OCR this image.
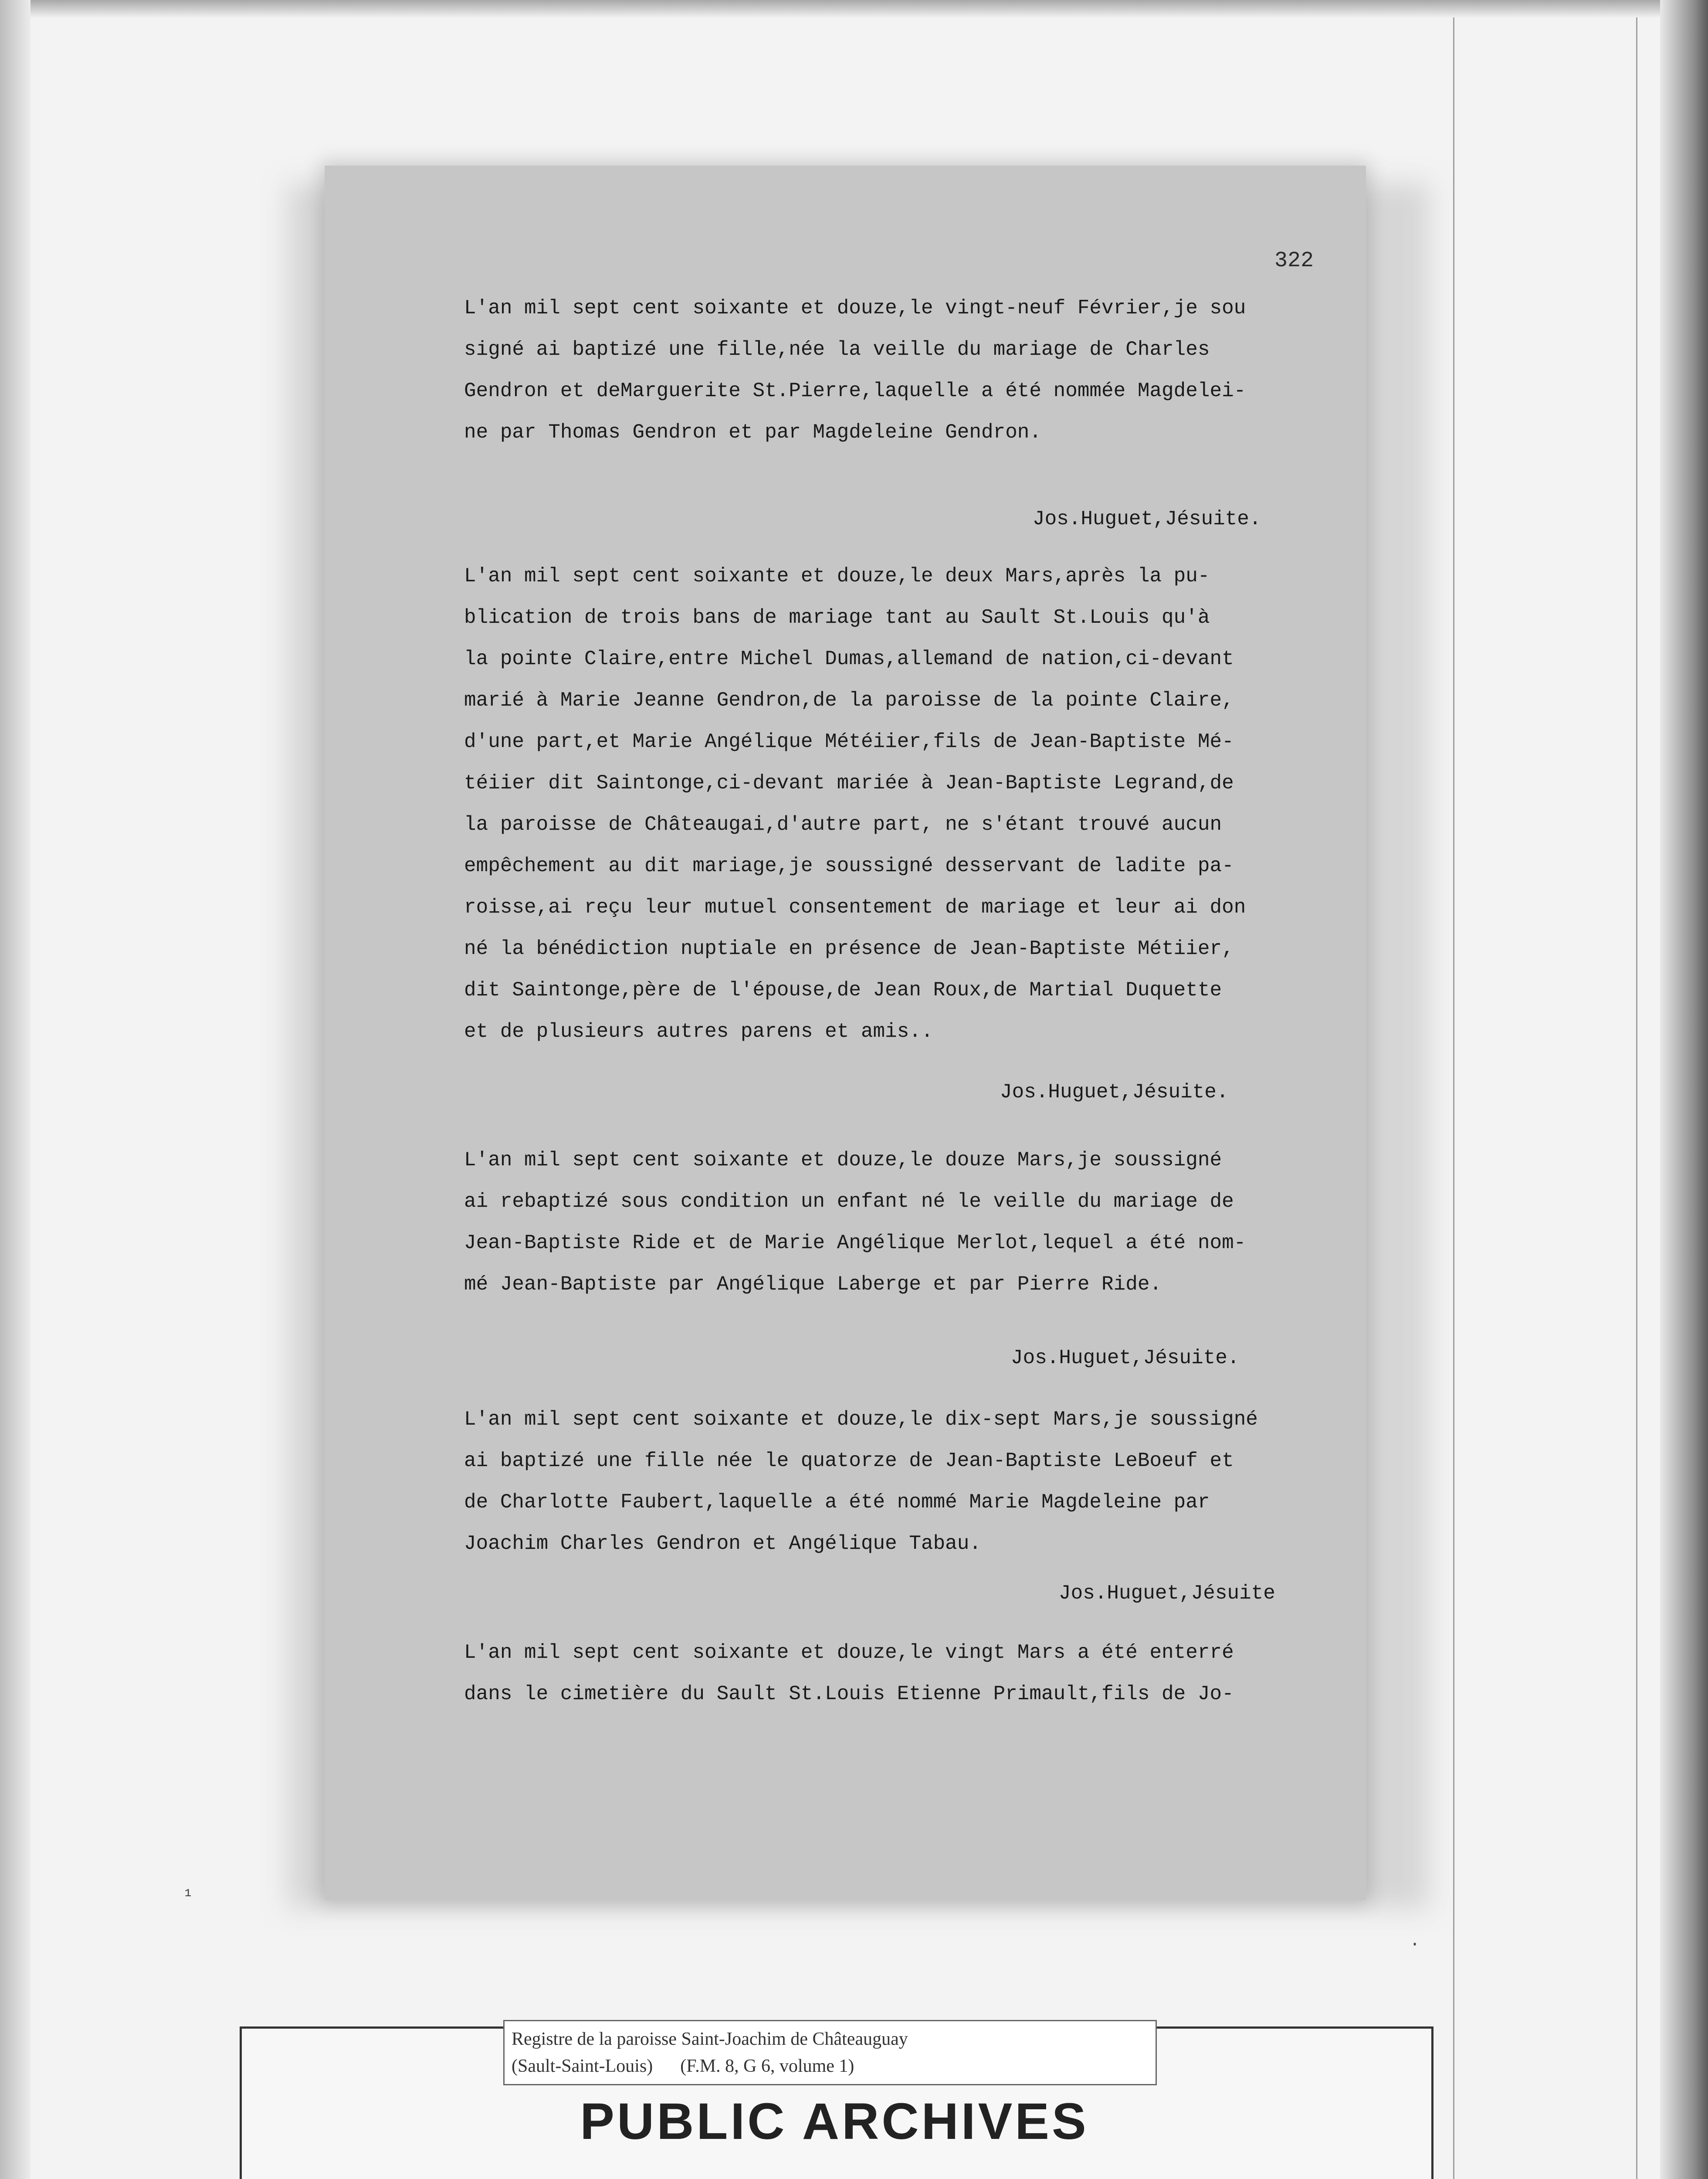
322
L'an mil sept cent soixante et douze,le vingt-neuf Février,je sou
signé ai baptizé une fille,née la veille du mariage de Charles
Gendron et deMarguerite St.Pierre,laquelle a été nommée Magdelei-
ne par Thomas Gendron et par Magdeleine Gendron.
Jos.Huguet,Jésuite.
L'an mil sept cent soixante et douze,le deux Mars,après la pu-
blication de trois bans de mariage tant au Sault St.Louis qu'à
la pointe Claire,entre Michel Dumas,allemand de nation,ci-devant
marié à Marie Jeanne Gendron,de la paroisse de la pointe Claire,
d'une part,et Marie Angélique Météiier,fils de Jean-Baptiste Mé-
téiier dit Saintonge,ci-devant mariée à Jean-Baptiste Legrand,de
la paroisse de Châteaugai,d'autre part, ne s'étant trouvé aucun
empêchement au dit mariage,je soussigné desservant de ladite pa-
roisse,ai reçu leur mutuel consentement de mariage et leur ai don
né la bénédiction nuptiale en présence de Jean-Baptiste Métiier,
dit Saintonge,père de l'épouse,de Jean Roux,de Martial Duquette
et de plusieurs autres parens et amis..
Jos.Huguet,Jésuite.
L'an mil sept cent soixante et douze,le douze Mars,je soussigné
ai rebaptizé sous condition un enfant né le veille du mariage de
Jean-Baptiste Ride et de Marie Angélique Merlot,lequel a été nom-
mé Jean-Baptiste par Angélique Laberge et par Pierre Ride.
Jos.Huguet,Jésuite.
L'an mil sept cent soixante et douze,le dix-sept Mars,je soussigné
ai baptizé une fille née le quatorze de Jean-Baptiste LeBoeuf et
de Charlotte Faubert,laquelle a été nommé Marie Magdeleine par
Joachim Charles Gendron et Angélique Tabau.
Jos.Huguet,Jésuite
L'an mil sept cent soixante et douze,le vingt Mars a été enterré
dans le cimetière du Sault St.Louis Etienne Primault,fils de Jo-
¹
·
Registre de la paroisse Saint-Joachim de Châteauguay
(Sault-Saint-Louis)      (F.M. 8, G 6, volume 1)
PUBLIC ARCHIVES
